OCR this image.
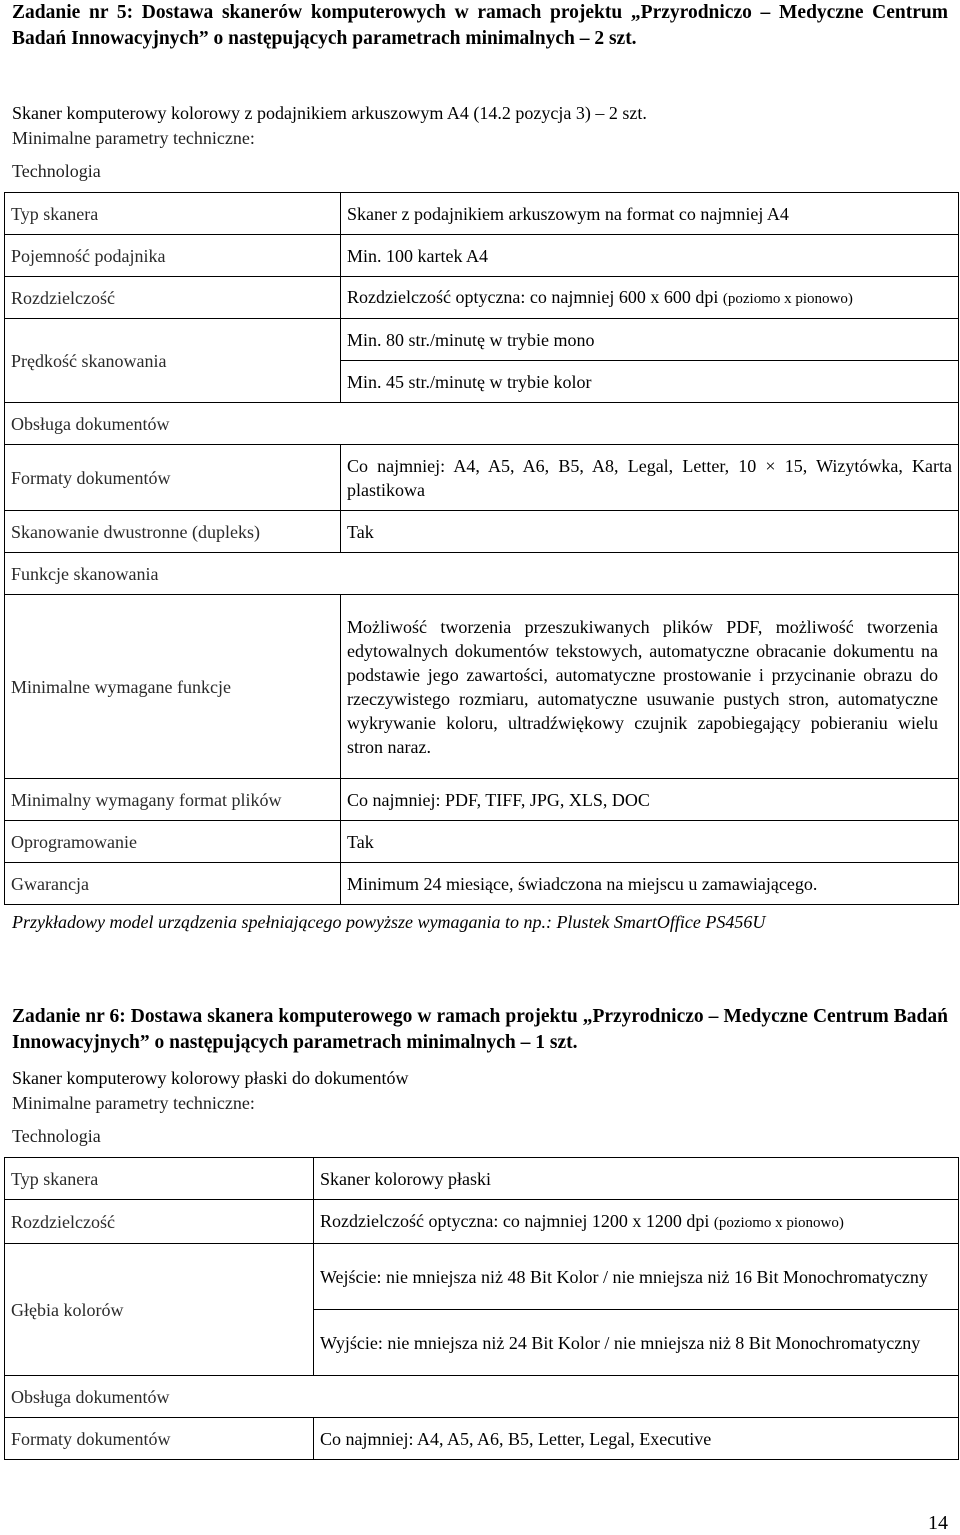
Zadanie nr 5: Dostawa skanerów komputerowych w ramach projektu „Przyrodniczo – Medyczne Centrum Badań Innowacyjnych” o następujących parametrach minimalnych – 2 szt.
Skaner komputerowy kolorowy z podajnikiem arkuszowym A4 (14.2 pozycja 3) – 2 szt.
Minimalne parametry techniczne:
Technologia
Typ skanera	Skaner z podajnikiem arkuszowym na format co najmniej A4
Pojemność podajnika	Min. 100 kartek A4
Rozdzielczość	Rozdzielczość optyczna: co najmniej 600 x 600 dpi (poziomo x pionowo)
Prędkość skanowania	Min. 80 str./minutę w trybie mono
	Min. 45 str./minutę w trybie kolor
Obsługa dokumentów	
Formaty dokumentów	Co najmniej: A4, A5, A6, B5, A8, Legal, Letter, 10 × 15, Wizytówka, Karta plastikowa
Skanowanie dwustronne (dupleks)	Tak
Funkcje skanowania	
Minimalne wymagane funkcje	Możliwość tworzenia przeszukiwanych plików PDF, możliwość tworzenia edytowalnych dokumentów tekstowych, automatyczne obracanie dokumentu na podstawie jego zawartości, automatyczne prostowanie i przycinanie obrazu do rzeczywistego rozmiaru, automatyczne usuwanie pustych stron, automatyczne wykrywanie koloru, ultradźwiękowy czujnik zapobiegający pobieraniu wielu stron naraz.
Minimalny wymagany format plików	Co najmniej: PDF, TIFF, JPG, XLS, DOC
Oprogramowanie	Tak
Gwarancja	Minimum 24 miesiące, świadczona na miejscu u zamawiającego.
Przykładowy model urządzenia spełniającego powyższe wymagania to np.: Plustek SmartOffice PS456U
Zadanie nr 6: Dostawa skanera komputerowego w ramach projektu „Przyrodniczo – Medyczne Centrum Badań Innowacyjnych” o następujących parametrach minimalnych – 1 szt.
Skaner komputerowy kolorowy płaski do dokumentów
Minimalne parametry techniczne:
Technologia
Typ skanera	Skaner kolorowy płaski
Rozdzielczość	Rozdzielczość optyczna: co najmniej 1200 x 1200 dpi (poziomo x pionowo)
Głębia kolorów	Wejście: nie mniejsza niż 48 Bit Kolor / nie mniejsza niż 16 Bit Monochromatyczny
	Wyjście: nie mniejsza niż 24 Bit Kolor / nie mniejsza niż 8 Bit Monochromatyczny
Obsługa dokumentów	
Formaty dokumentów	Co najmniej: A4, A5, A6, B5, Letter, Legal, Executive
14
